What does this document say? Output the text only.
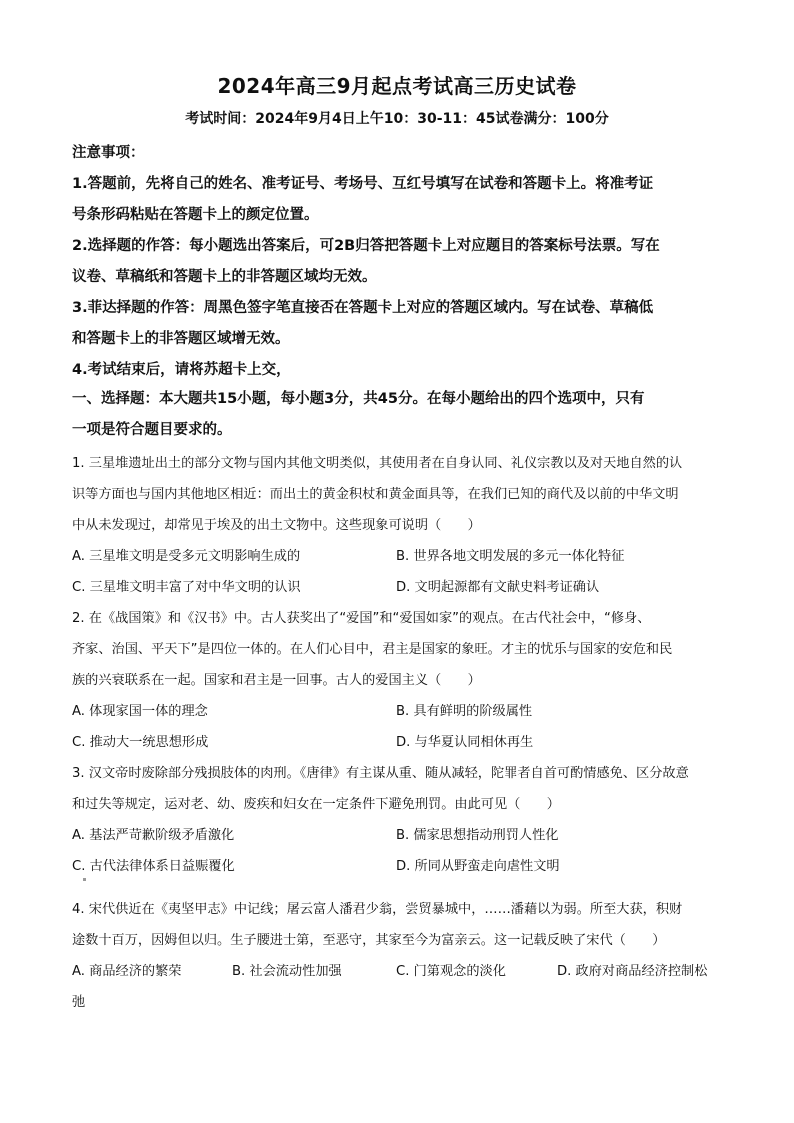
2024年高三9月起点考试高三历史试卷
考试时间：2024年9月4日上午10：30-11：45试卷满分：100分
注意事项：
1.答题前，先将自己的姓名、准考证号、考场号、互红号填写在试卷和答题卡上。将准考证
号条形码粘贴在答题卡上的颜定位置。
2.选择题的作答：每小题选出答案后，可2B归答把答题卡上对应题目的答案标号法票。写在
议卷、草稿纸和答题卡上的非答题区域均无效。
3.菲达择题的作答：周黑色签字笔直接否在答题卡上对应的答题区域内。写在试卷、草稿低
和答题卡上的非答题区域增无效。
4.考试结束后，请将苏超卡上交，
一、选择题：本大题共15小题，每小题3分，共45分。在每小题给出的四个选项中，只有
一项是符合题目要求的。
1. 三星堆遗址出土的部分文物与国内其他文明类似，其使用者在自身认同、礼仪宗教以及对天地自然的认
识等方面也与国内其他地区相近：而出土的黄金积杖和黄金面具等，在我们已知的商代及以前的中华文明
中从未发现过，却常见于埃及的出土文物中。这些现象可说明（　　）
A. 三星堆文明是受多元文明影响生成的	B. 世界各地文明发展的多元一体化特征
C. 三星堆文明丰富了对中华文明的认识	D. 文明起源都有文献史料考证确认
2. 在《战国策》和《汉书》中。古人获奖出了“爱国”和“爱国如家”的观点。在古代社会中，“修身、
齐家、治国、平天下”是四位一体的。在人们心目中，君主是国家的象旺。才主的忧乐与国家的安危和民
族的兴衰联系在一起。国家和君主是一回事。古人的爱国主义（　　）
A. 体现家国一体的理念	B. 具有鲜明的阶级属性
C. 推动大一统思想形成	D. 与华夏认同相休再生
3. 汉文帝时废除部分残损肢体的肉刑。《唐律》有主谋从重、随从减轻，陀罪者自首可酌情感免、区分故意
和过失等规定，运对老、幼、废疾和妇女在一定条件下避免刑罚。由此可见（　　）
A. 基法严苛歉阶级矛盾激化	B. 儒家思想指动刑罚人性化
C. 古代法律体系日益赈覆化	D. 所同从野蛮走向虐性文明
4. 宋代供近在《夷坚甲志》中记线；屠云富人潘君少翁，尝贸暴城中，……潘藉以为弱。所至大获，积财
途数十百万，因姆但以归。生子腰进士第，至恶守，其家至今为富亲云。这一记载反映了宋代（　　）
A. 商品经济的繁荣	B. 社会流动性加强	C. 门第观念的淡化	D. 政府对商品经济控制松
弛
